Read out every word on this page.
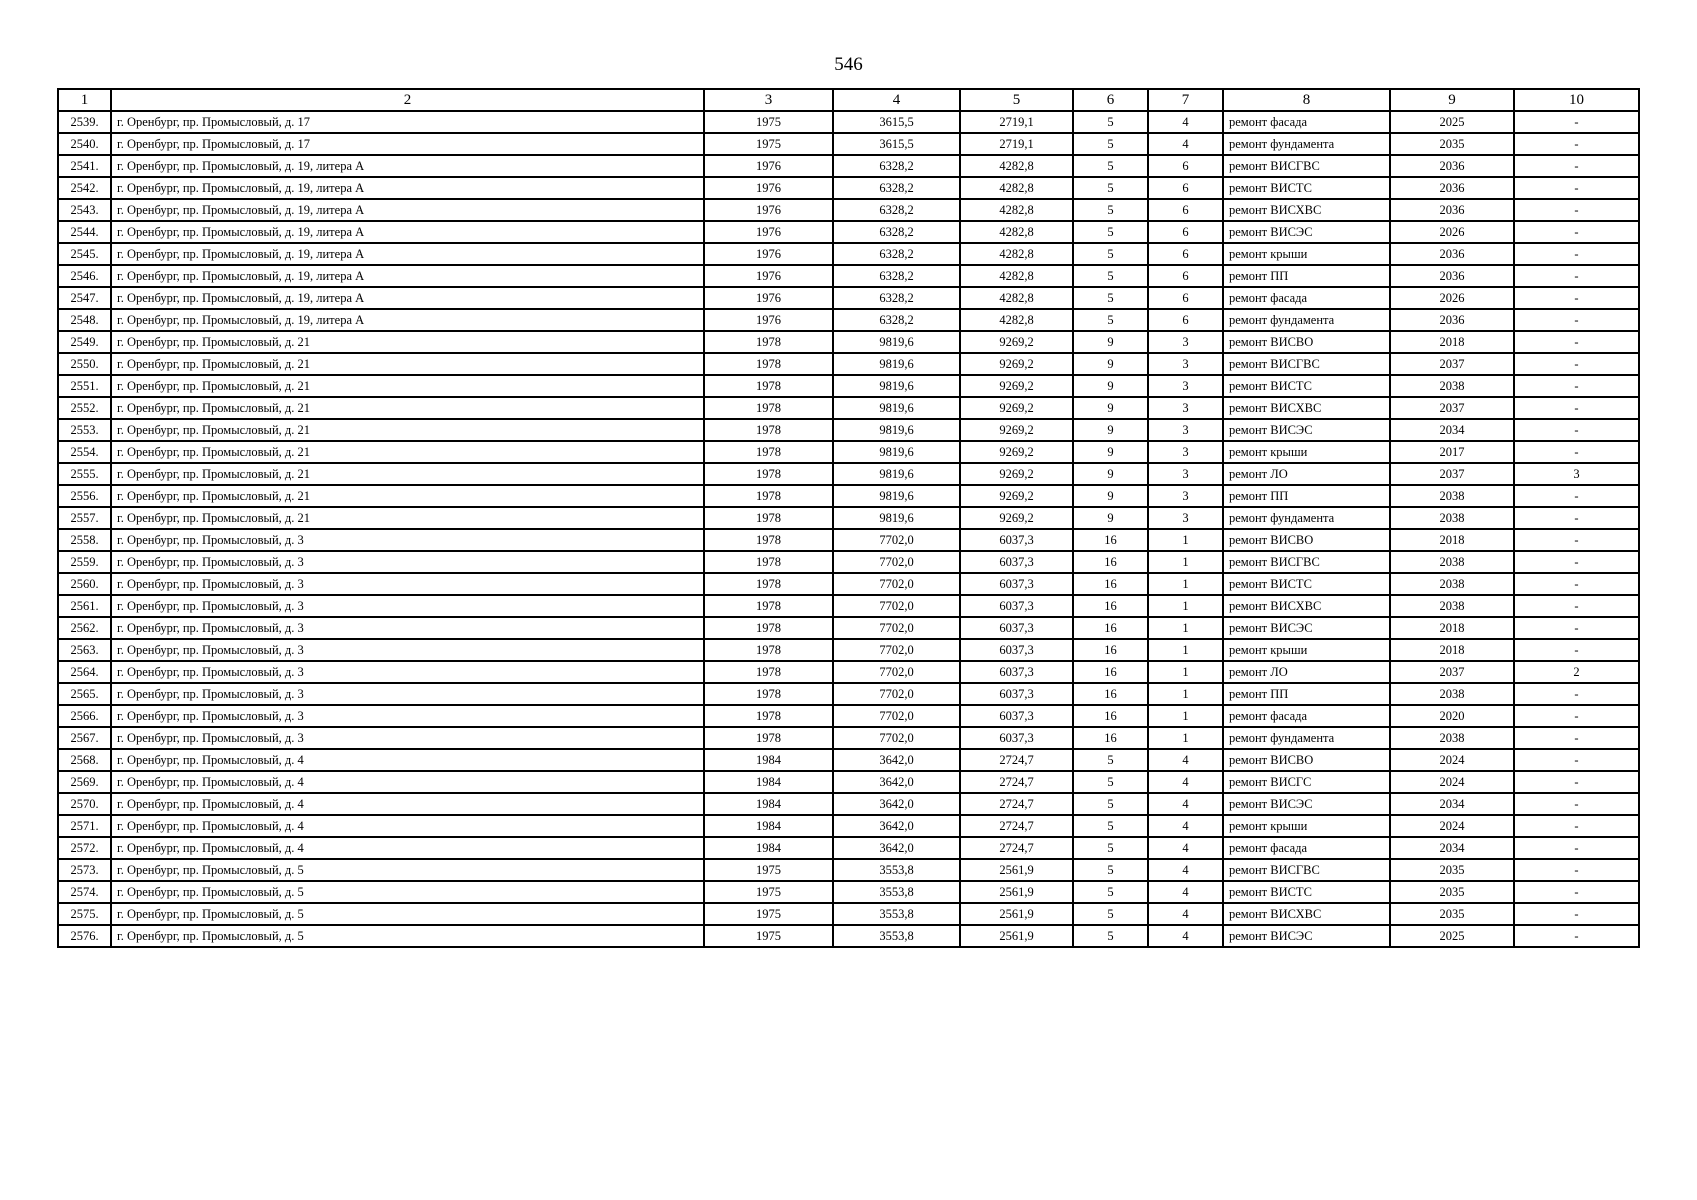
546
1	2	3	4	5	6	7	8	9	10
2539.	г. Оренбург, пр. Промысловый, д. 17	1975	3615,5	2719,1	5	4	ремонт фасада	2025	-
2540.	г. Оренбург, пр. Промысловый, д. 17	1975	3615,5	2719,1	5	4	ремонт фундамента	2035	-
2541.	г. Оренбург, пр. Промысловый, д. 19, литера А	1976	6328,2	4282,8	5	6	ремонт ВИСГВС	2036	-
2542.	г. Оренбург, пр. Промысловый, д. 19, литера А	1976	6328,2	4282,8	5	6	ремонт ВИСТС	2036	-
2543.	г. Оренбург, пр. Промысловый, д. 19, литера А	1976	6328,2	4282,8	5	6	ремонт ВИСХВС	2036	-
2544.	г. Оренбург, пр. Промысловый, д. 19, литера А	1976	6328,2	4282,8	5	6	ремонт ВИСЭС	2026	-
2545.	г. Оренбург, пр. Промысловый, д. 19, литера А	1976	6328,2	4282,8	5	6	ремонт крыши	2036	-
2546.	г. Оренбург, пр. Промысловый, д. 19, литера А	1976	6328,2	4282,8	5	6	ремонт ПП	2036	-
2547.	г. Оренбург, пр. Промысловый, д. 19, литера А	1976	6328,2	4282,8	5	6	ремонт фасада	2026	-
2548.	г. Оренбург, пр. Промысловый, д. 19, литера А	1976	6328,2	4282,8	5	6	ремонт фундамента	2036	-
2549.	г. Оренбург, пр. Промысловый, д. 21	1978	9819,6	9269,2	9	3	ремонт ВИСВО	2018	-
2550.	г. Оренбург, пр. Промысловый, д. 21	1978	9819,6	9269,2	9	3	ремонт ВИСГВС	2037	-
2551.	г. Оренбург, пр. Промысловый, д. 21	1978	9819,6	9269,2	9	3	ремонт ВИСТС	2038	-
2552.	г. Оренбург, пр. Промысловый, д. 21	1978	9819,6	9269,2	9	3	ремонт ВИСХВС	2037	-
2553.	г. Оренбург, пр. Промысловый, д. 21	1978	9819,6	9269,2	9	3	ремонт ВИСЭС	2034	-
2554.	г. Оренбург, пр. Промысловый, д. 21	1978	9819,6	9269,2	9	3	ремонт крыши	2017	-
2555.	г. Оренбург, пр. Промысловый, д. 21	1978	9819,6	9269,2	9	3	ремонт ЛО	2037	3
2556.	г. Оренбург, пр. Промысловый, д. 21	1978	9819,6	9269,2	9	3	ремонт ПП	2038	-
2557.	г. Оренбург, пр. Промысловый, д. 21	1978	9819,6	9269,2	9	3	ремонт фундамента	2038	-
2558.	г. Оренбург, пр. Промысловый, д. 3	1978	7702,0	6037,3	16	1	ремонт ВИСВО	2018	-
2559.	г. Оренбург, пр. Промысловый, д. 3	1978	7702,0	6037,3	16	1	ремонт ВИСГВС	2038	-
2560.	г. Оренбург, пр. Промысловый, д. 3	1978	7702,0	6037,3	16	1	ремонт ВИСТС	2038	-
2561.	г. Оренбург, пр. Промысловый, д. 3	1978	7702,0	6037,3	16	1	ремонт ВИСХВС	2038	-
2562.	г. Оренбург, пр. Промысловый, д. 3	1978	7702,0	6037,3	16	1	ремонт ВИСЭС	2018	-
2563.	г. Оренбург, пр. Промысловый, д. 3	1978	7702,0	6037,3	16	1	ремонт крыши	2018	-
2564.	г. Оренбург, пр. Промысловый, д. 3	1978	7702,0	6037,3	16	1	ремонт ЛО	2037	2
2565.	г. Оренбург, пр. Промысловый, д. 3	1978	7702,0	6037,3	16	1	ремонт ПП	2038	-
2566.	г. Оренбург, пр. Промысловый, д. 3	1978	7702,0	6037,3	16	1	ремонт фасада	2020	-
2567.	г. Оренбург, пр. Промысловый, д. 3	1978	7702,0	6037,3	16	1	ремонт фундамента	2038	-
2568.	г. Оренбург, пр. Промысловый, д. 4	1984	3642,0	2724,7	5	4	ремонт ВИСВО	2024	-
2569.	г. Оренбург, пр. Промысловый, д. 4	1984	3642,0	2724,7	5	4	ремонт ВИСГС	2024	-
2570.	г. Оренбург, пр. Промысловый, д. 4	1984	3642,0	2724,7	5	4	ремонт ВИСЭС	2034	-
2571.	г. Оренбург, пр. Промысловый, д. 4	1984	3642,0	2724,7	5	4	ремонт крыши	2024	-
2572.	г. Оренбург, пр. Промысловый, д. 4	1984	3642,0	2724,7	5	4	ремонт фасада	2034	-
2573.	г. Оренбург, пр. Промысловый, д. 5	1975	3553,8	2561,9	5	4	ремонт ВИСГВС	2035	-
2574.	г. Оренбург, пр. Промысловый, д. 5	1975	3553,8	2561,9	5	4	ремонт ВИСТС	2035	-
2575.	г. Оренбург, пр. Промысловый, д. 5	1975	3553,8	2561,9	5	4	ремонт ВИСХВС	2035	-
2576.	г. Оренбург, пр. Промысловый, д. 5	1975	3553,8	2561,9	5	4	ремонт ВИСЭС	2025	-
